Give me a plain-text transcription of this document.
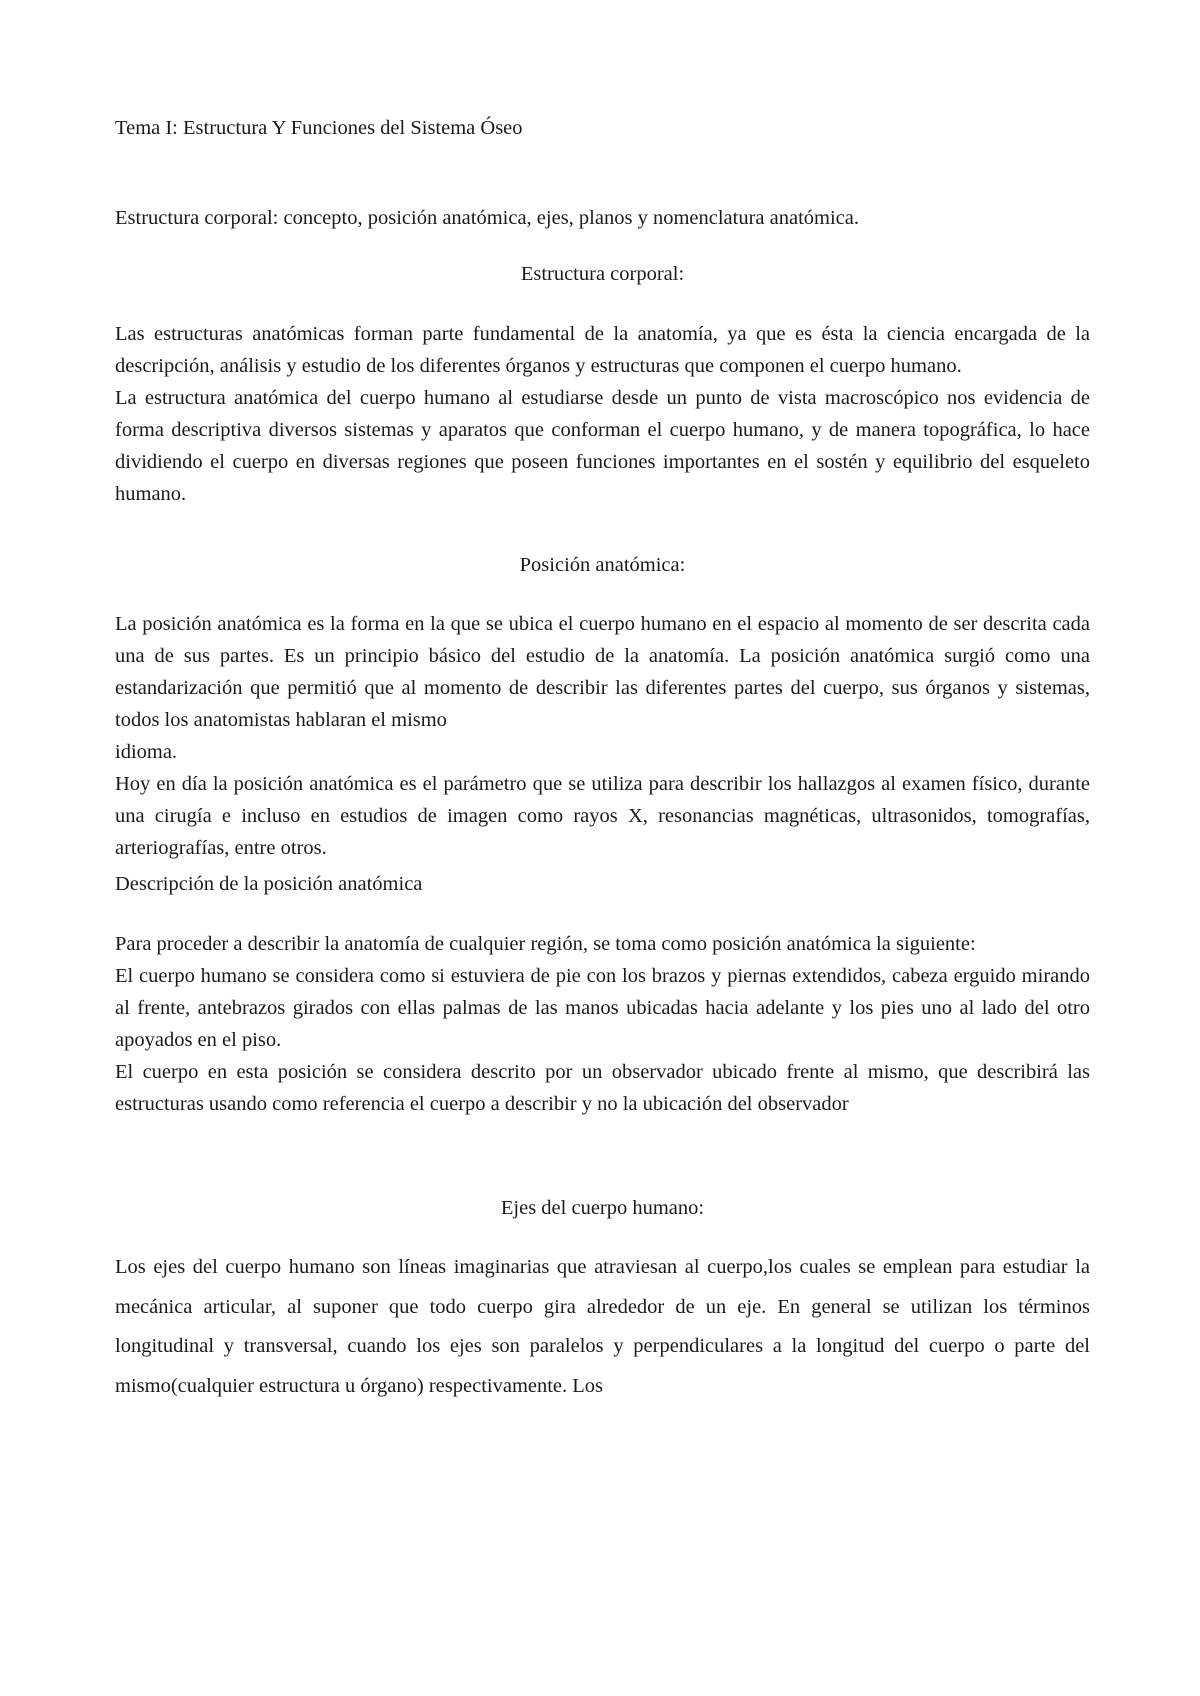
Tema I: Estructura Y Funciones del Sistema Óseo
Estructura corporal: concepto, posición anatómica, ejes, planos y nomenclatura anatómica.
Estructura corporal:

Las estructuras anatómicas forman parte fundamental de la anatomía, ya que es ésta la ciencia encargada de la descripción, análisis y estudio de los diferentes órganos y estructuras que componen el cuerpo humano.

La estructura anatómica del cuerpo humano al estudiarse desde un punto de vista macroscópico nos evidencia de forma descriptiva diversos sistemas y aparatos que conforman el cuerpo humano, y de manera topográfica, lo hace dividiendo el cuerpo en diversas regiones que poseen funciones importantes en el sostén y equilibrio del esqueleto humano.

Posición anatómica:

La posición anatómica es la forma en la que se ubica el cuerpo humano en el espacio al momento de ser descrita cada una de sus partes. Es un principio básico del estudio de la anatomía. La posición anatómica surgió como una estandarización que permitió que al momento de describir las diferentes partes del cuerpo, sus órganos y sistemas, todos los anatomistas hablaran el mismo

idioma.

Hoy en día la posición anatómica es el parámetro que se utiliza para describir los hallazgos al examen físico, durante una cirugía e incluso en estudios de imagen como rayos X, resonancias magnéticas, ultrasonidos, tomografías, arteriografías, entre otros.

Descripción de la posición anatómica

Para proceder a describir la anatomía de cualquier región, se toma como posición anatómica la siguiente:

El cuerpo humano se considera como si estuviera de pie con los brazos y piernas extendidos, cabeza erguido mirando al frente, antebrazos girados con ellas palmas de las manos ubicadas hacia adelante y los pies uno al lado del otro apoyados en el piso.

El cuerpo en esta posición se considera descrito por un observador ubicado frente al mismo, que describirá las estructuras usando como referencia el cuerpo a describir y no la ubicación del observador

Ejes del cuerpo humano:

Los ejes del cuerpo humano son líneas imaginarias que atraviesan al cuerpo,los cuales se emplean para estudiar la mecánica articular, al suponer que todo cuerpo gira alrededor de un eje. En general se utilizan los términos longitudinal y transversal, cuando los ejes son paralelos y perpendiculares a la longitud del cuerpo o parte del mismo(cualquier estructura u órgano) respectivamente. Los
